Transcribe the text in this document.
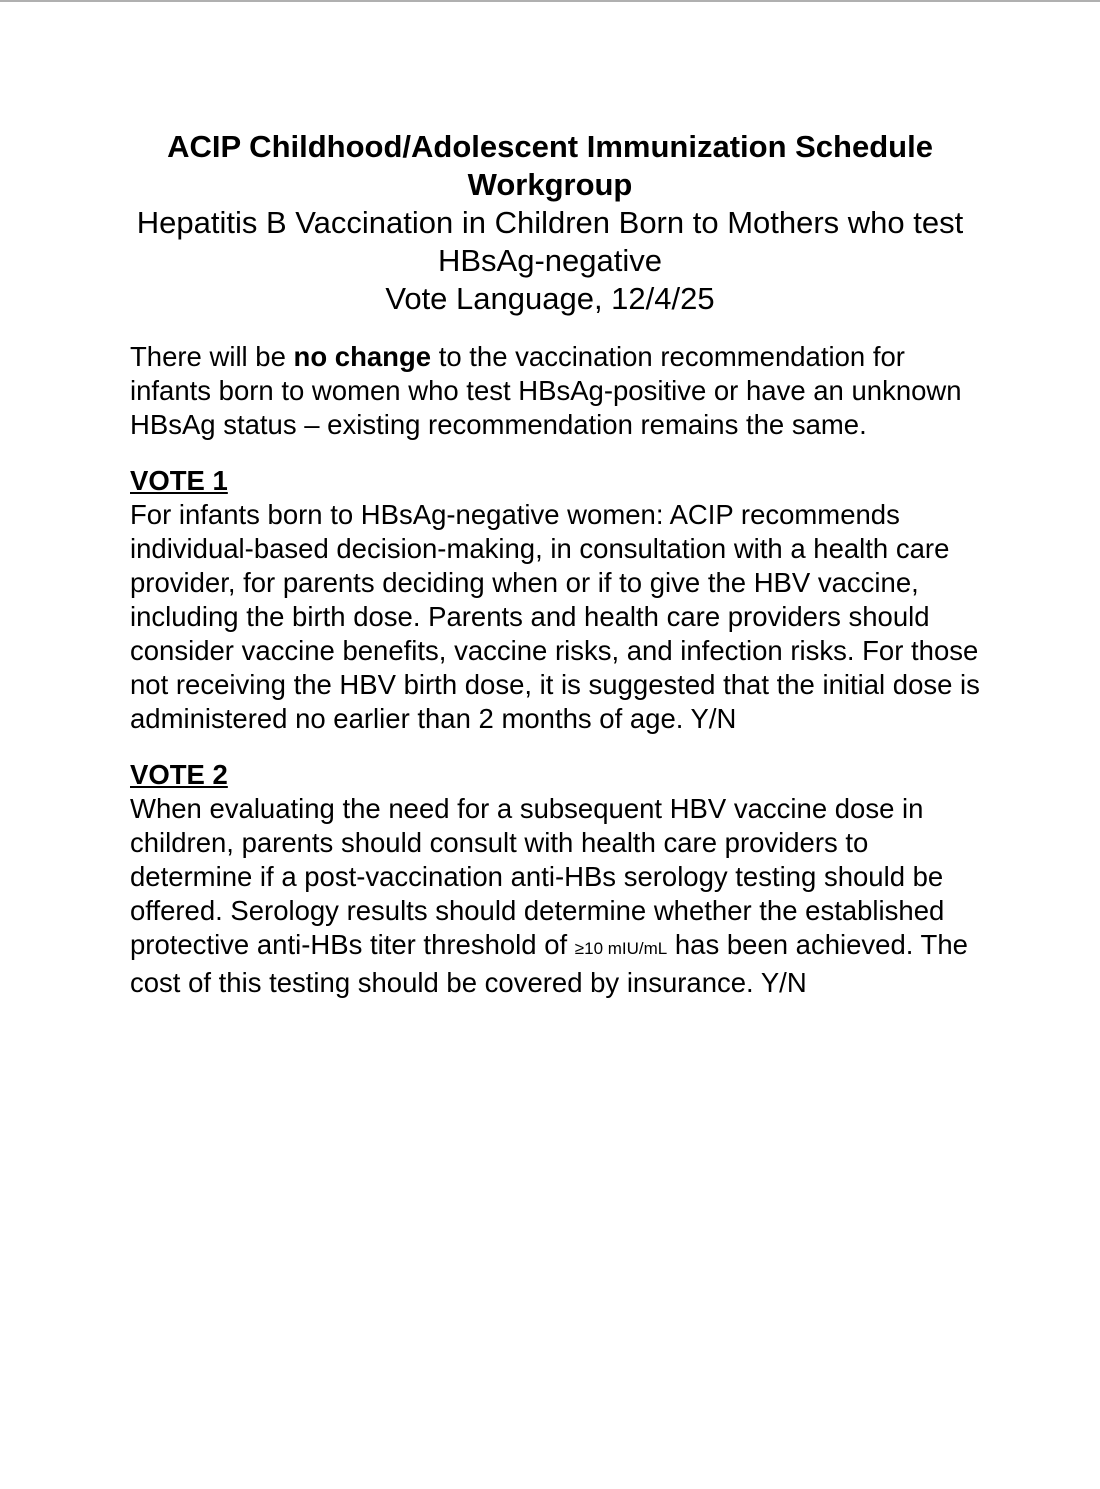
ACIP Childhood/Adolescent Immunization Schedule Workgroup
Hepatitis B Vaccination in Children Born to Mothers who test HBsAg-negative
Vote Language, 12/4/25

There will be no change to the vaccination recommendation for infants born to women who test HBsAg-positive or have an unknown HBsAg status – existing recommendation remains the same.

VOTE 1
For infants born to HBsAg-negative women: ACIP recommends individual-based decision-making, in consultation with a health care provider, for parents deciding when or if to give the HBV vaccine, including the birth dose. Parents and health care providers should consider vaccine benefits, vaccine risks, and infection risks. For those not receiving the HBV birth dose, it is suggested that the initial dose is administered no earlier than 2 months of age. Y/N

VOTE 2
When evaluating the need for a subsequent HBV vaccine dose in children, parents should consult with health care providers to determine if a post-vaccination anti-HBs serology testing should be offered. Serology results should determine whether the established protective anti-HBs titer threshold of ≥10 mIU/mL has been achieved. The cost of this testing should be covered by insurance. Y/N
